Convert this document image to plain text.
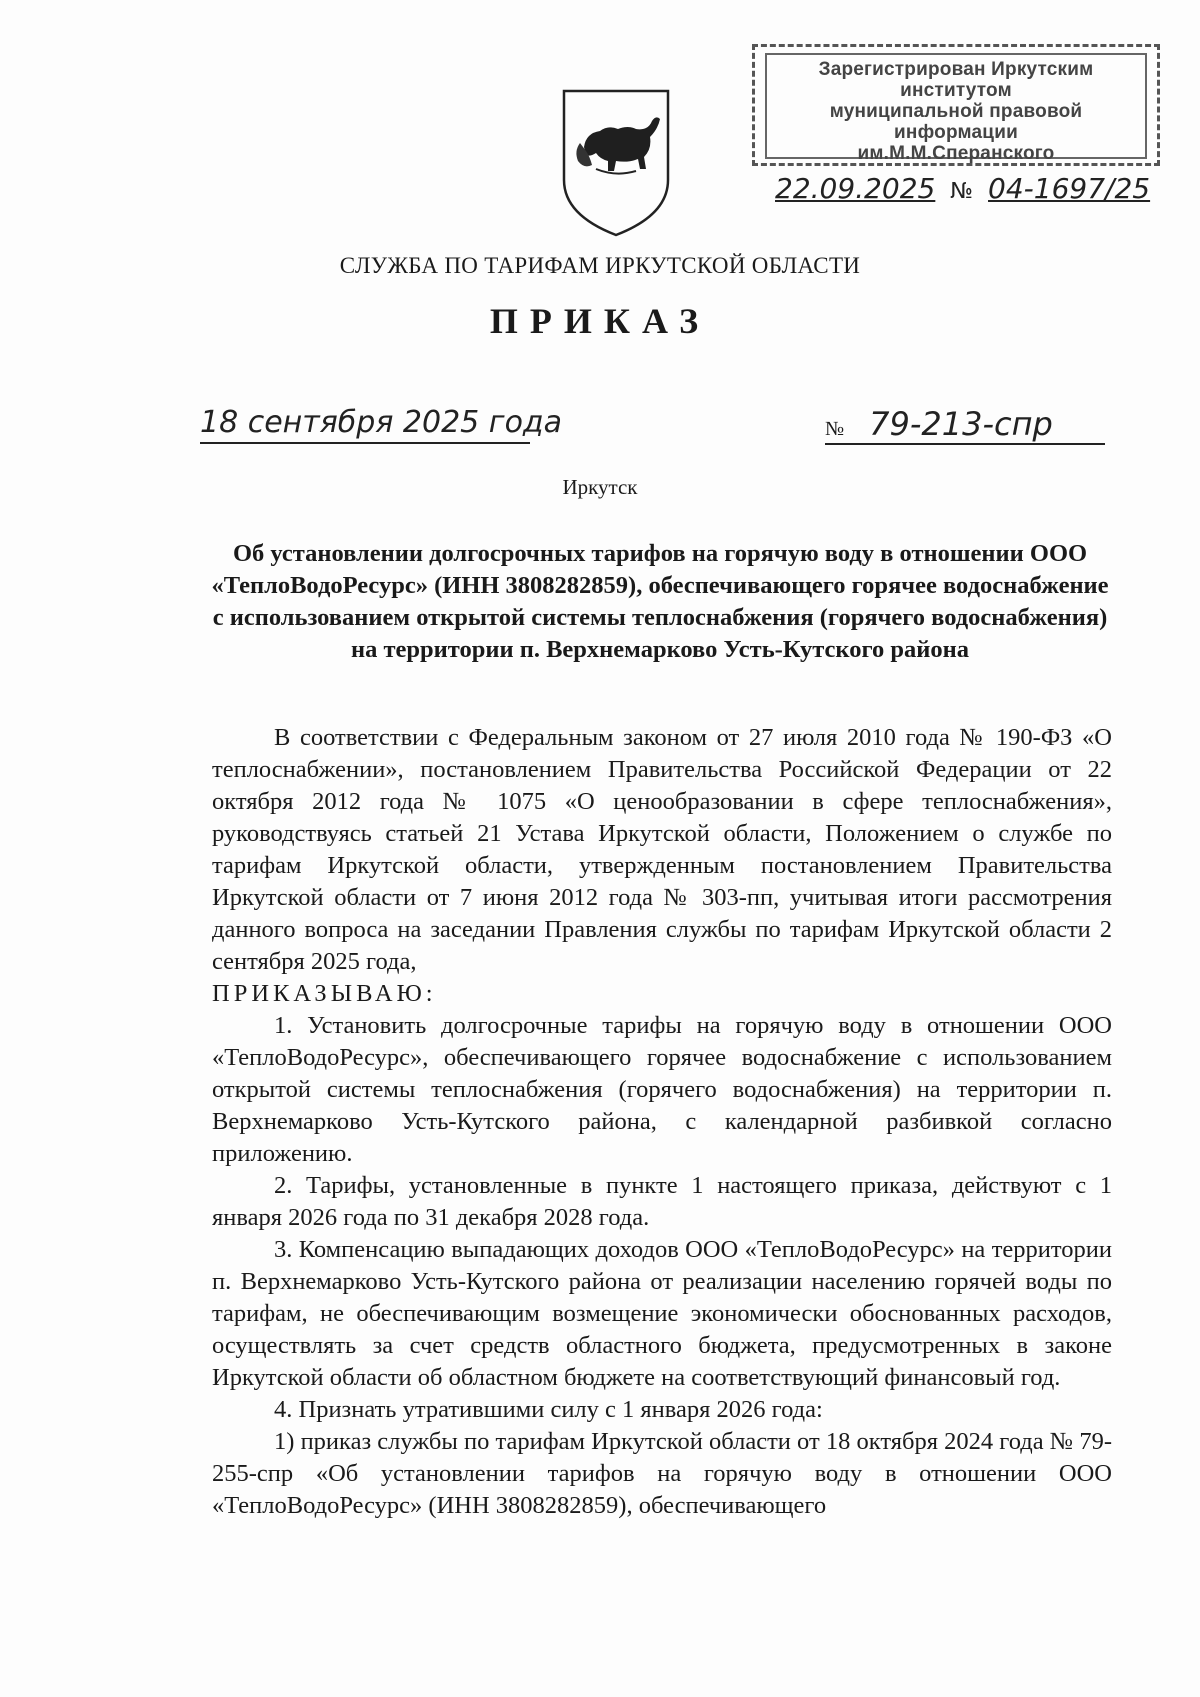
Зарегистрирован Иркутским институтом
муниципальной правовой информации
им.М.М.Сперанского
22.09.2025 № 04-1697/25
СЛУЖБА ПО ТАРИФАМ ИРКУТСКОЙ ОБЛАСТИ
ПРИКАЗ
18 сентября 2025 года	№ 79-213-спр
Иркутск
Об установлении долгосрочных тарифов на горячую воду в отношении ООО «ТеплоВодоРесурс» (ИНН 3808282859), обеспечивающего горячее водоснабжение с использованием открытой системы теплоснабжения (горячего водоснабжения) на территории п. Верхнемарково Усть-Кутского района

В соответствии с Федеральным законом от 27 июля 2010 года № 190-ФЗ «О теплоснабжении», постановлением Правительства Российской Федерации от 22 октября 2012 года № 1075 «О ценообразовании в сфере теплоснабжения», руководствуясь статьей 21 Устава Иркутской области, Положением о службе по тарифам Иркутской области, утвержденным постановлением Правительства Иркутской области от 7 июня 2012 года № 303-пп, учитывая итоги рассмотрения данного вопроса на заседании Правления службы по тарифам Иркутской области 2 сентября 2025 года,

ПРИКАЗЫВАЮ:

1. Установить долгосрочные тарифы на горячую воду в отношении ООО «ТеплоВодоРесурс», обеспечивающего горячее водоснабжение с использованием открытой системы теплоснабжения (горячего водоснабжения) на территории п. Верхнемарково Усть-Кутского района, с календарной разбивкой согласно приложению.

2. Тарифы, установленные в пункте 1 настоящего приказа, действуют с 1 января 2026 года по 31 декабря 2028 года.

3. Компенсацию выпадающих доходов ООО «ТеплоВодоРесурс» на территории п. Верхнемарково Усть-Кутского района от реализации населению горячей воды по тарифам, не обеспечивающим возмещение экономически обоснованных расходов, осуществлять за счет средств областного бюджета, предусмотренных в законе Иркутской области об областном бюджете на соответствующий финансовый год.

4. Признать утратившими силу с 1 января 2026 года:

1) приказ службы по тарифам Иркутской области от 18 октября 2024 года № 79-255-спр «Об установлении тарифов на горячую воду в отношении ООО «ТеплоВодоРесурс» (ИНН 3808282859), обеспечивающего
